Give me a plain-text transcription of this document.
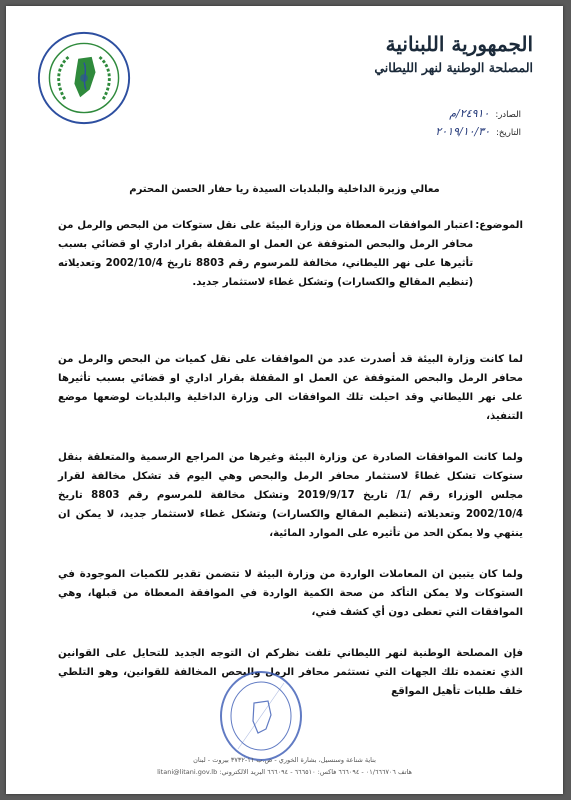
الجمهورية اللبنانية
المصلحة الوطنية لنهر الليطاني
الصادر:
٢٤٩١٠/م
التاريخ:
٢٠١٩/١٠/٣٠
معالي وزيرة الداخلية والبلديات السيدة ريا حفار الحسن المحترم
الموضوع:
اعتبار الموافقات المعطاة من وزارة البيئة على نقل ستوكات من البحص والرمل من محافر الرمل والبحص المتوقفة عن العمل او المقفلة بقرار اداري او قضائي بسبب تأثيرها على نهر الليطاني، مخالفة للمرسوم رقم 8803 تاريخ 2002/10/4 وتعديلاته (تنظيم المقالع والكسارات) وتشكل غطاء لاستثمار جديد.
لما كانت وزارة البيئة قد أصدرت عدد من الموافقات على نقل كميات من البحص والرمل من محافر الرمل والبحص المتوقفة عن العمل او المقفلة بقرار اداري او قضائي بسبب تأثيرها على نهر الليطاني وقد احيلت تلك الموافقات الى وزارة الداخلية والبلديات لوضعها موضع التنفيذ،
ولما كانت الموافقات الصادرة عن وزارة البيئة وغيرها من المراجع الرسمية والمتعلقة بنقل ستوكات تشكل غطاءً لاستثمار محافر الرمل والبحص وهي اليوم قد تشكل مخالفة لقرار مجلس الوزراء رقم /1/ تاريخ 2019/9/17 وتشكل مخالفة للمرسوم رقم 8803 تاريخ 2002/10/4 وتعديلاته (تنظيم المقالع والكسارات) وتشكل غطاء لاستثمار جديد، لا يمكن ان ينتهي ولا يمكن الحد من تأثيره على الموارد المائية،
ولما كان يتبين ان المعاملات الواردة من وزارة البيئة لا تتضمن تقدير للكميات الموجودة في الستوكات ولا يمكن التأكد من صحة الكمية الواردة في الموافقة المعطاة من قبلها، وهي الموافقات التي تعطى دون أي كشف فني،
فإن المصلحة الوطنية لنهر الليطاني تلفت نظركم ان التوجه الجديد للتحايل على القوانين الذي تعتمده تلك الجهات التي تستثمر محافر الرمل والبحص المخالفة للقوانين، وهو التلطي خلف طلبات تأهيل المواقع
بناية شناعة وسنسيل، بشارة الخوري - ص.ب ١١-٣٧٣٢ بيروت - لبنان
هاتف ٠١/٦٦٦٧٠٦ - ٦٦٦٠٩٤ فاكس: ٦٦٦٥١٠ - ٦٦٦٠٩٤ البريد الالكتروني: litani@litani.gov.lb
